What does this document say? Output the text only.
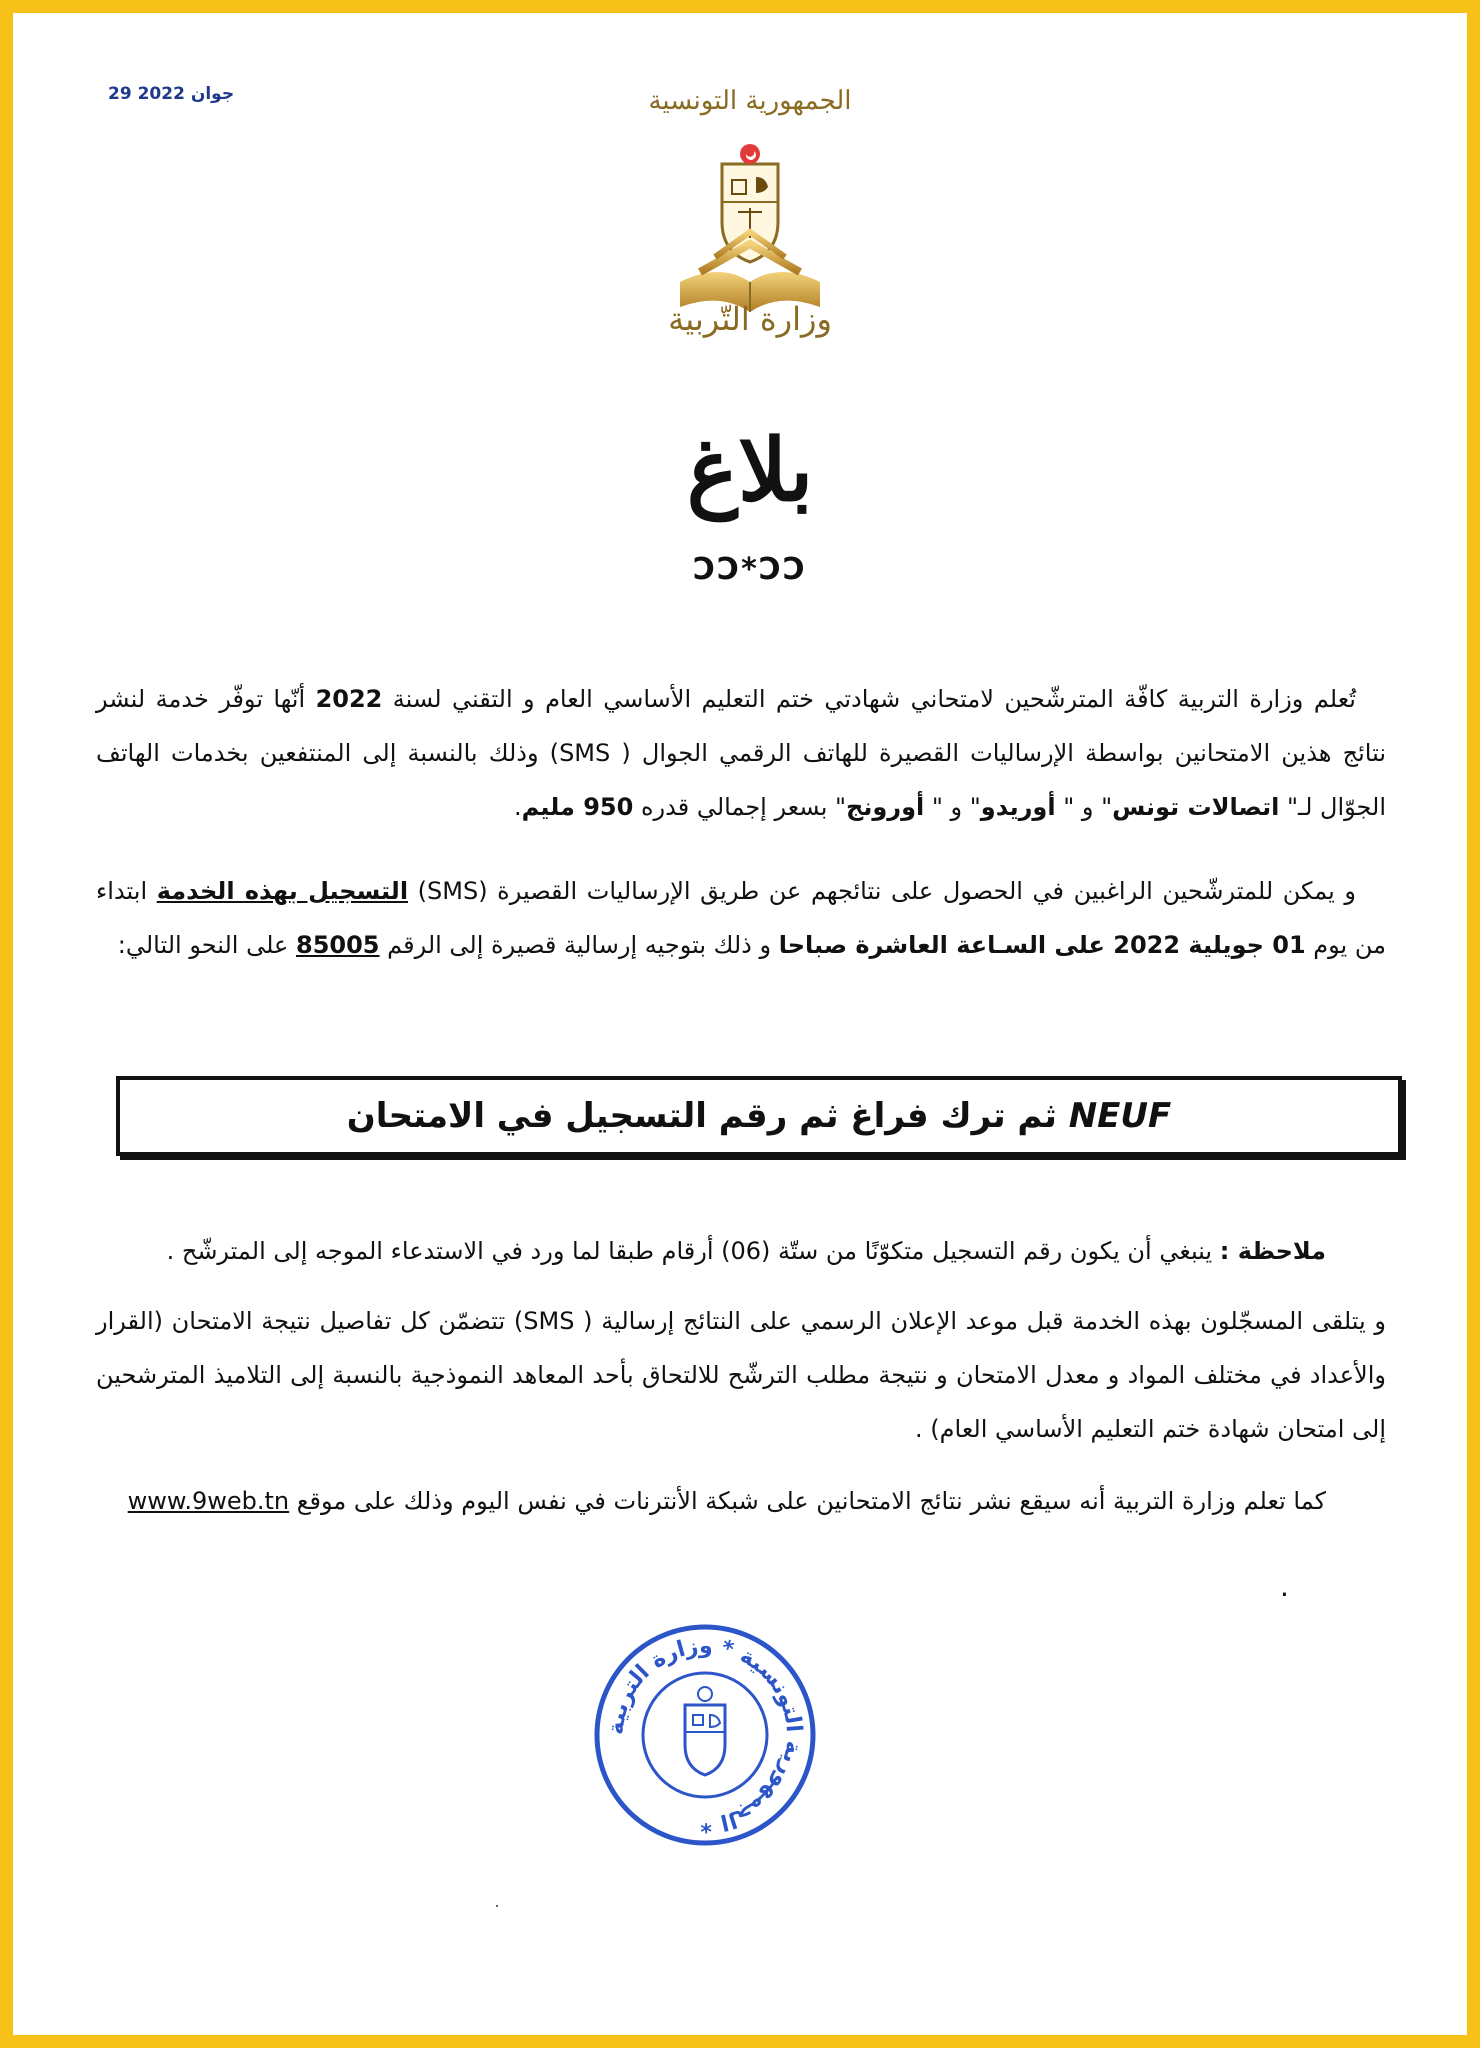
29 جوان 2022	الجمهورية التونسية
وزارة التّربية
بلاغ
ƆƆ*ƆƆ
تُعلم وزارة التربية كافّة المترشّحين لامتحاني شهادتي ختم التعليم الأساسي العام و التقني لسنة 2022 أنّها توفّر خدمة لنشر نتائج هذين الامتحانين بواسطة الإرساليات القصيرة للهاتف الرقمي الجوال ( SMS) وذلك بالنسبة إلى المنتفعين بخدمات الهاتف الجوّال لـ" اتصالات تونس" و " أوريدو" و " أورونج" بسعر إجمالي قدره 950 مليم.
و يمكن للمترشّحين الراغبين في الحصول على نتائجهم عن طريق الإرساليات القصيرة (SMS) التسجيل بهذه الخدمة ابتداء من يوم 01 جويلية 2022 على السـاعة العاشرة صباحا و ذلك بتوجيه إرسالية قصيرة إلى الرقم 85005 على النحو التالي:
NEUF ثم ترك فراغ ثم رقم التسجيل في الامتحان
ملاحظة : ينبغي أن يكون رقم التسجيل متكوّنًا من ستّة (06) أرقام طبقا لما ورد في الاستدعاء الموجه إلى المترشّح .
و يتلقى المسجّلون بهذه الخدمة قبل موعد الإعلان الرسمي على النتائج إرسالية ( SMS) تتضمّن كل تفاصيل نتيجة الامتحان (القرار والأعداد في مختلف المواد و معدل الامتحان و نتيجة مطلب الترشّح للالتحاق بأحد المعاهد النموذجية بالنسبة إلى التلاميذ المترشحين إلى امتحان شهادة ختم التعليم الأساسي العام) .
كما تعلم وزارة التربية أنه سيقع نشر نتائج الامتحانين على شبكة الأنترنات في نفس اليوم وذلك على موقع www.9web.tn
.
الجمهورية التونسية * وزارة التربية *
